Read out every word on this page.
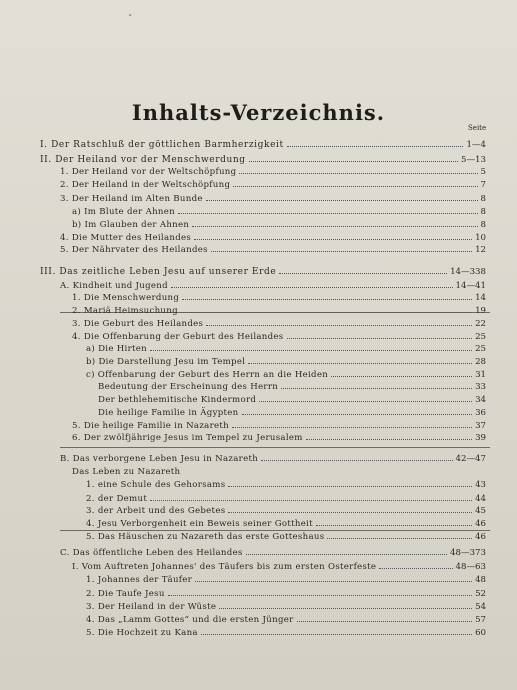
ˇ
Inhalts-Verzeichnis.
Seite
I. Der Ratschluß der göttlichen Barmherzigkeit	1—4
II. Der Heiland vor der Menschwerdung	5—13
1. Der Heiland vor der Weltschöpfung	5
2. Der Heiland in der Weltschöpfung	7
3. Der Heiland im Alten Bunde	8
a) Im Blute der Ahnen	8
b) Im Glauben der Ahnen	8
4. Die Mutter des Heilandes	10
5. Der Nährvater des Heilandes	12
III. Das zeitliche Leben Jesu auf unserer Erde	14—338
A. Kindheit und Jugend	14—41
1. Die Menschwerdung	14
2. Mariä Heimsuchung	19
3. Die Geburt des Heilandes	22
4. Die Offenbarung der Geburt des Heilandes	25
a) Die Hirten	25
b) Die Darstellung Jesu im Tempel	28
c) Offenbarung der Geburt des Herrn an die Heiden	31
Bedeutung der Erscheinung des Herrn	33
Der bethlehemitische Kindermord	34
Die heilige Familie in Ägypten	36
5. Die heilige Familie in Nazareth	37
6. Der zwölfjährige Jesus im Tempel zu Jerusalem	39
B. Das verborgene Leben Jesu in Nazareth	42—47
Das Leben zu Nazareth
1. eine Schule des Gehorsams	43
2. der Demut	44
3. der Arbeit und des Gebetes	45
4. Jesu Verborgenheit ein Beweis seiner Gottheit	46
5. Das Häuschen zu Nazareth das erste Gotteshaus	46
C. Das öffentliche Leben des Heilandes	48—373
I. Vom Auftreten Johannes' des Täufers bis zum ersten Osterfeste	48—63
1. Johannes der Täufer	48
2. Die Taufe Jesu	52
3. Der Heiland in der Wüste	54
4. Das „Lamm Gottes“ und die ersten Jünger	57
5. Die Hochzeit zu Kana	60
